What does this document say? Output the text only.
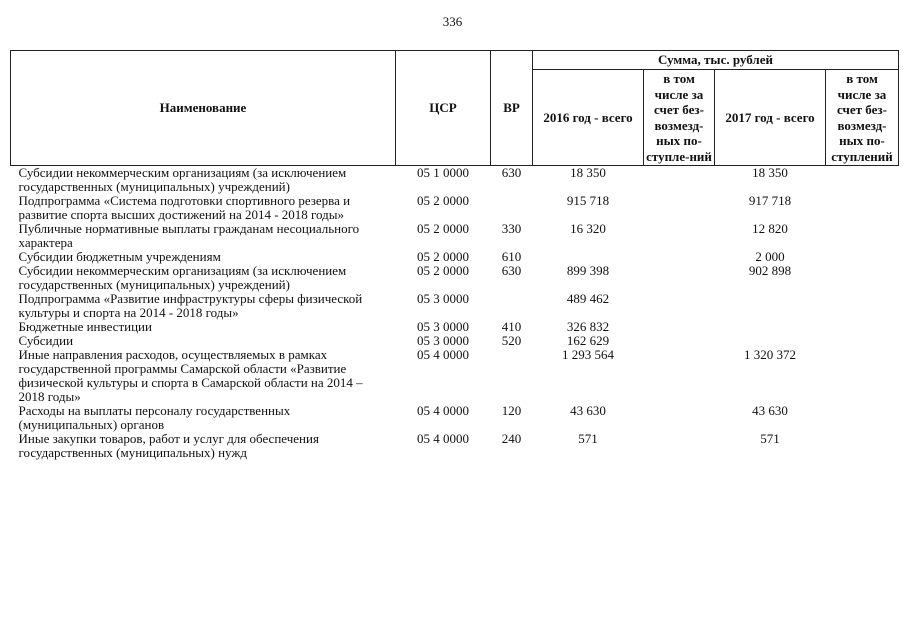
336
Наименование	ЦСР	ВР	Сумма, тыс. рублей			
			2016 год - всего	в том числе за счет без-возмезд-ных по-ступле-ний	2017 год - всего	в том числе за счет без-возмезд-ных по-ступлений
Субсидии некоммерческим организациям (за исключением государственных (муниципальных) учреждений)	05 1 0000	630	18 350		18 350	
Подпрограмма «Система подготовки спортивного резерва и развитие спорта высших достижений на 2014 - 2018 годы»	05 2 0000		915 718		917 718	
Публичные нормативные выплаты гражданам несоциального характера	05 2 0000	330	16 320		12 820	
Субсидии бюджетным учреждениям	05 2 0000	610			2 000	
Субсидии некоммерческим организациям (за исключением государственных (муниципальных) учреждений)	05 2 0000	630	899 398		902 898	
Подпрограмма «Развитие инфраструктуры сферы физической культуры и спорта на 2014 - 2018 годы»	05 3 0000		489 462			
Бюджетные инвестиции	05 3 0000	410	326 832			
Субсидии	05 3 0000	520	162 629			
Иные направления расходов, осуществляемых в рамках государственной программы Самарской области «Развитие физической культуры и спорта в Самарской области на 2014 – 2018 годы»	05 4 0000		1 293 564		1 320 372	
Расходы на выплаты персоналу государственных (муниципальных) органов	05 4 0000	120	43 630		43 630	
Иные закупки товаров, работ и услуг для обеспечения государственных (муниципальных) нужд	05 4 0000	240	571		571	
